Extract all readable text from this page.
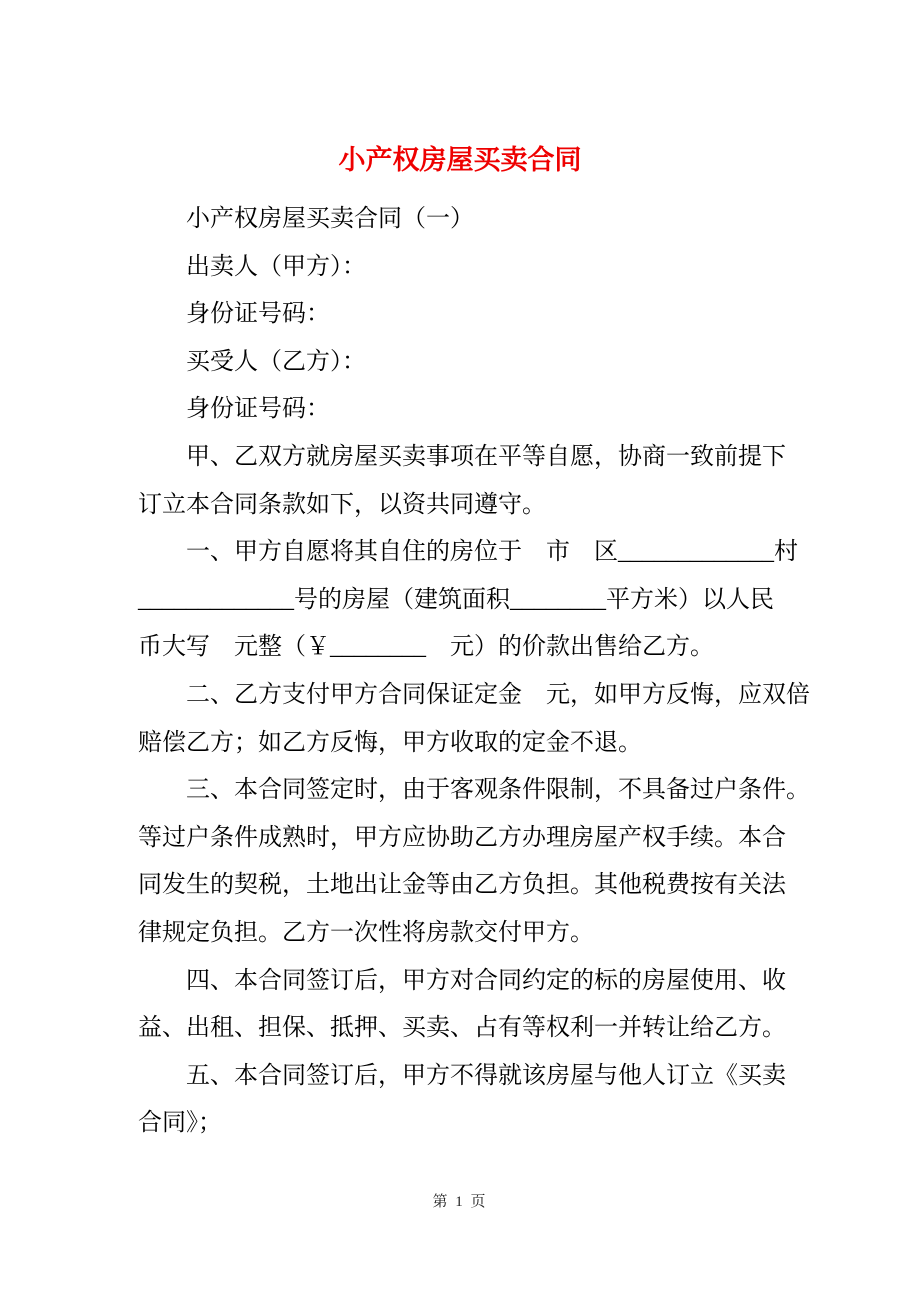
小产权房屋买卖合同
小产权房屋买卖合同（一）
出卖人（甲方）：
身份证号码：
买受人（乙方）：
身份证号码：
甲、乙双方就房屋买卖事项在平等自愿，协商一致前提下
订立本合同条款如下，以资共同遵守。
一、甲方自愿将其自住的房位于　市　区_____________村
_____________号的房屋（建筑面积________平方米）以人民
币大写　元整（￥________　元）的价款出售给乙方。
二、乙方支付甲方合同保证定金　元，如甲方反悔，应双倍
赔偿乙方；如乙方反悔，甲方收取的定金不退。
三、本合同签定时，由于客观条件限制，不具备过户条件。
等过户条件成熟时，甲方应协助乙方办理房屋产权手续。本合
同发生的契税，土地出让金等由乙方负担。其他税费按有关法
律规定负担。乙方一次性将房款交付甲方。
四、本合同签订后，甲方对合同约定的标的房屋使用、收
益、出租、担保、抵押、买卖、占有等权利一并转让给乙方。
五、本合同签订后，甲方不得就该房屋与他人订立《买卖
合同》；
第 1 页
